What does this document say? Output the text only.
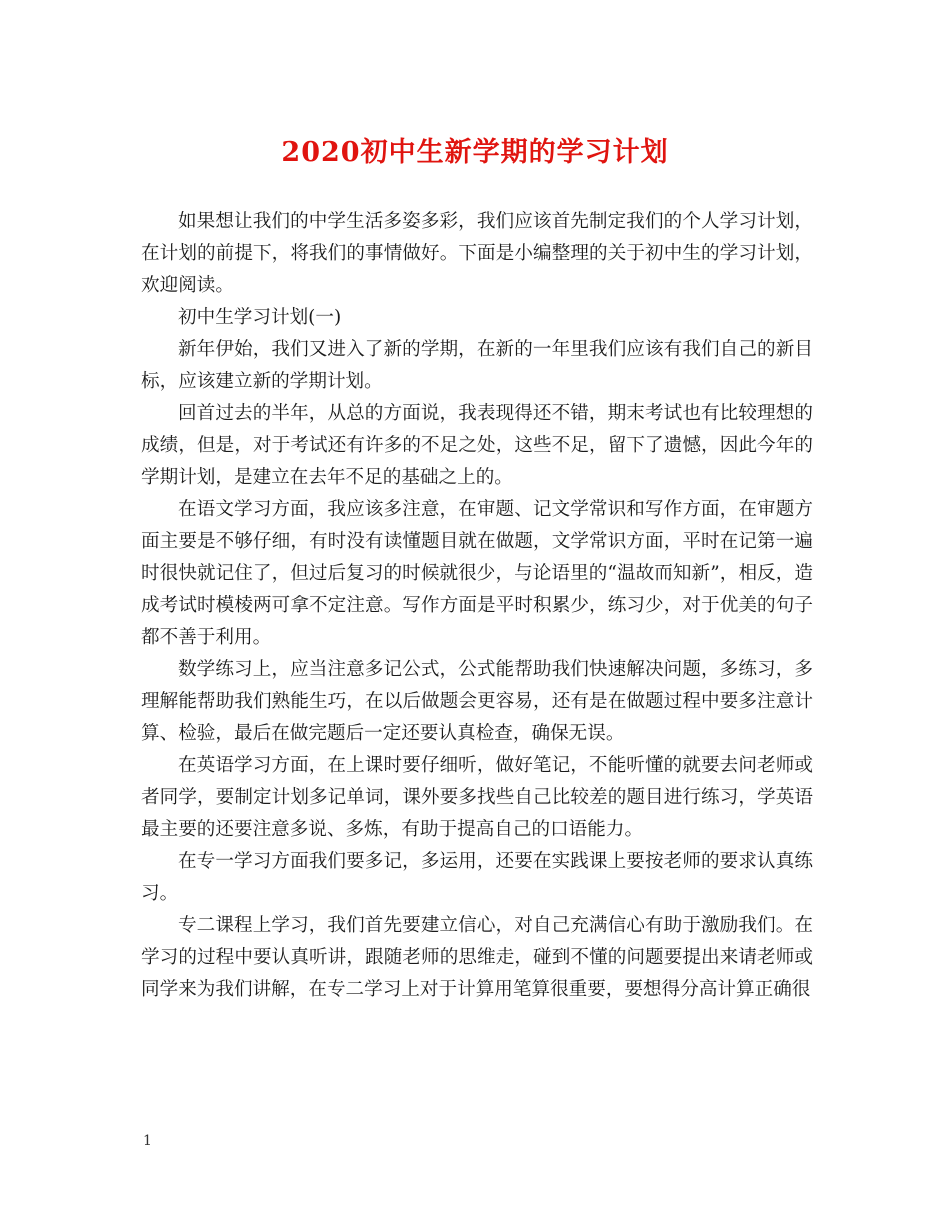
2020初中生新学期的学习计划

如果想让我们的中学生活多姿多彩，我们应该首先制定我们的个人学习计划，在计划的前提下，将我们的事情做好。下面是小编整理的关于初中生的学习计划，欢迎阅读。

初中生学习计划(一)

新年伊始，我们又进入了新的学期，在新的一年里我们应该有我们自己的新目标，应该建立新的学期计划。

回首过去的半年，从总的方面说，我表现得还不错，期末考试也有比较理想的成绩，但是，对于考试还有许多的不足之处，这些不足，留下了遗憾，因此今年的学期计划，是建立在去年不足的基础之上的。

在语文学习方面，我应该多注意，在审题、记文学常识和写作方面，在审题方面主要是不够仔细，有时没有读懂题目就在做题，文学常识方面，平时在记第一遍时很快就记住了，但过后复习的时候就很少，与论语里的“温故而知新”，相反，造成考试时模棱两可拿不定注意。写作方面是平时积累少，练习少，对于优美的句子都不善于利用。

数学练习上，应当注意多记公式，公式能帮助我们快速解决问题，多练习，多理解能帮助我们熟能生巧，在以后做题会更容易，还有是在做题过程中要多注意计算、检验，最后在做完题后一定还要认真检查，确保无误。

在英语学习方面，在上课时要仔细听，做好笔记，不能听懂的就要去问老师或者同学，要制定计划多记单词，课外要多找些自己比较差的题目进行练习，学英语最主要的还要注意多说、多炼，有助于提高自己的口语能力。

在专一学习方面我们要多记，多运用，还要在实践课上要按老师的要求认真练习。

专二课程上学习，我们首先要建立信心，对自己充满信心有助于激励我们。在学习的过程中要认真听讲，跟随老师的思维走，碰到不懂的问题要提出来请老师或同学来为我们讲解，在专二学习上对于计算用笔算很重要，要想得分高计算正确很

1
